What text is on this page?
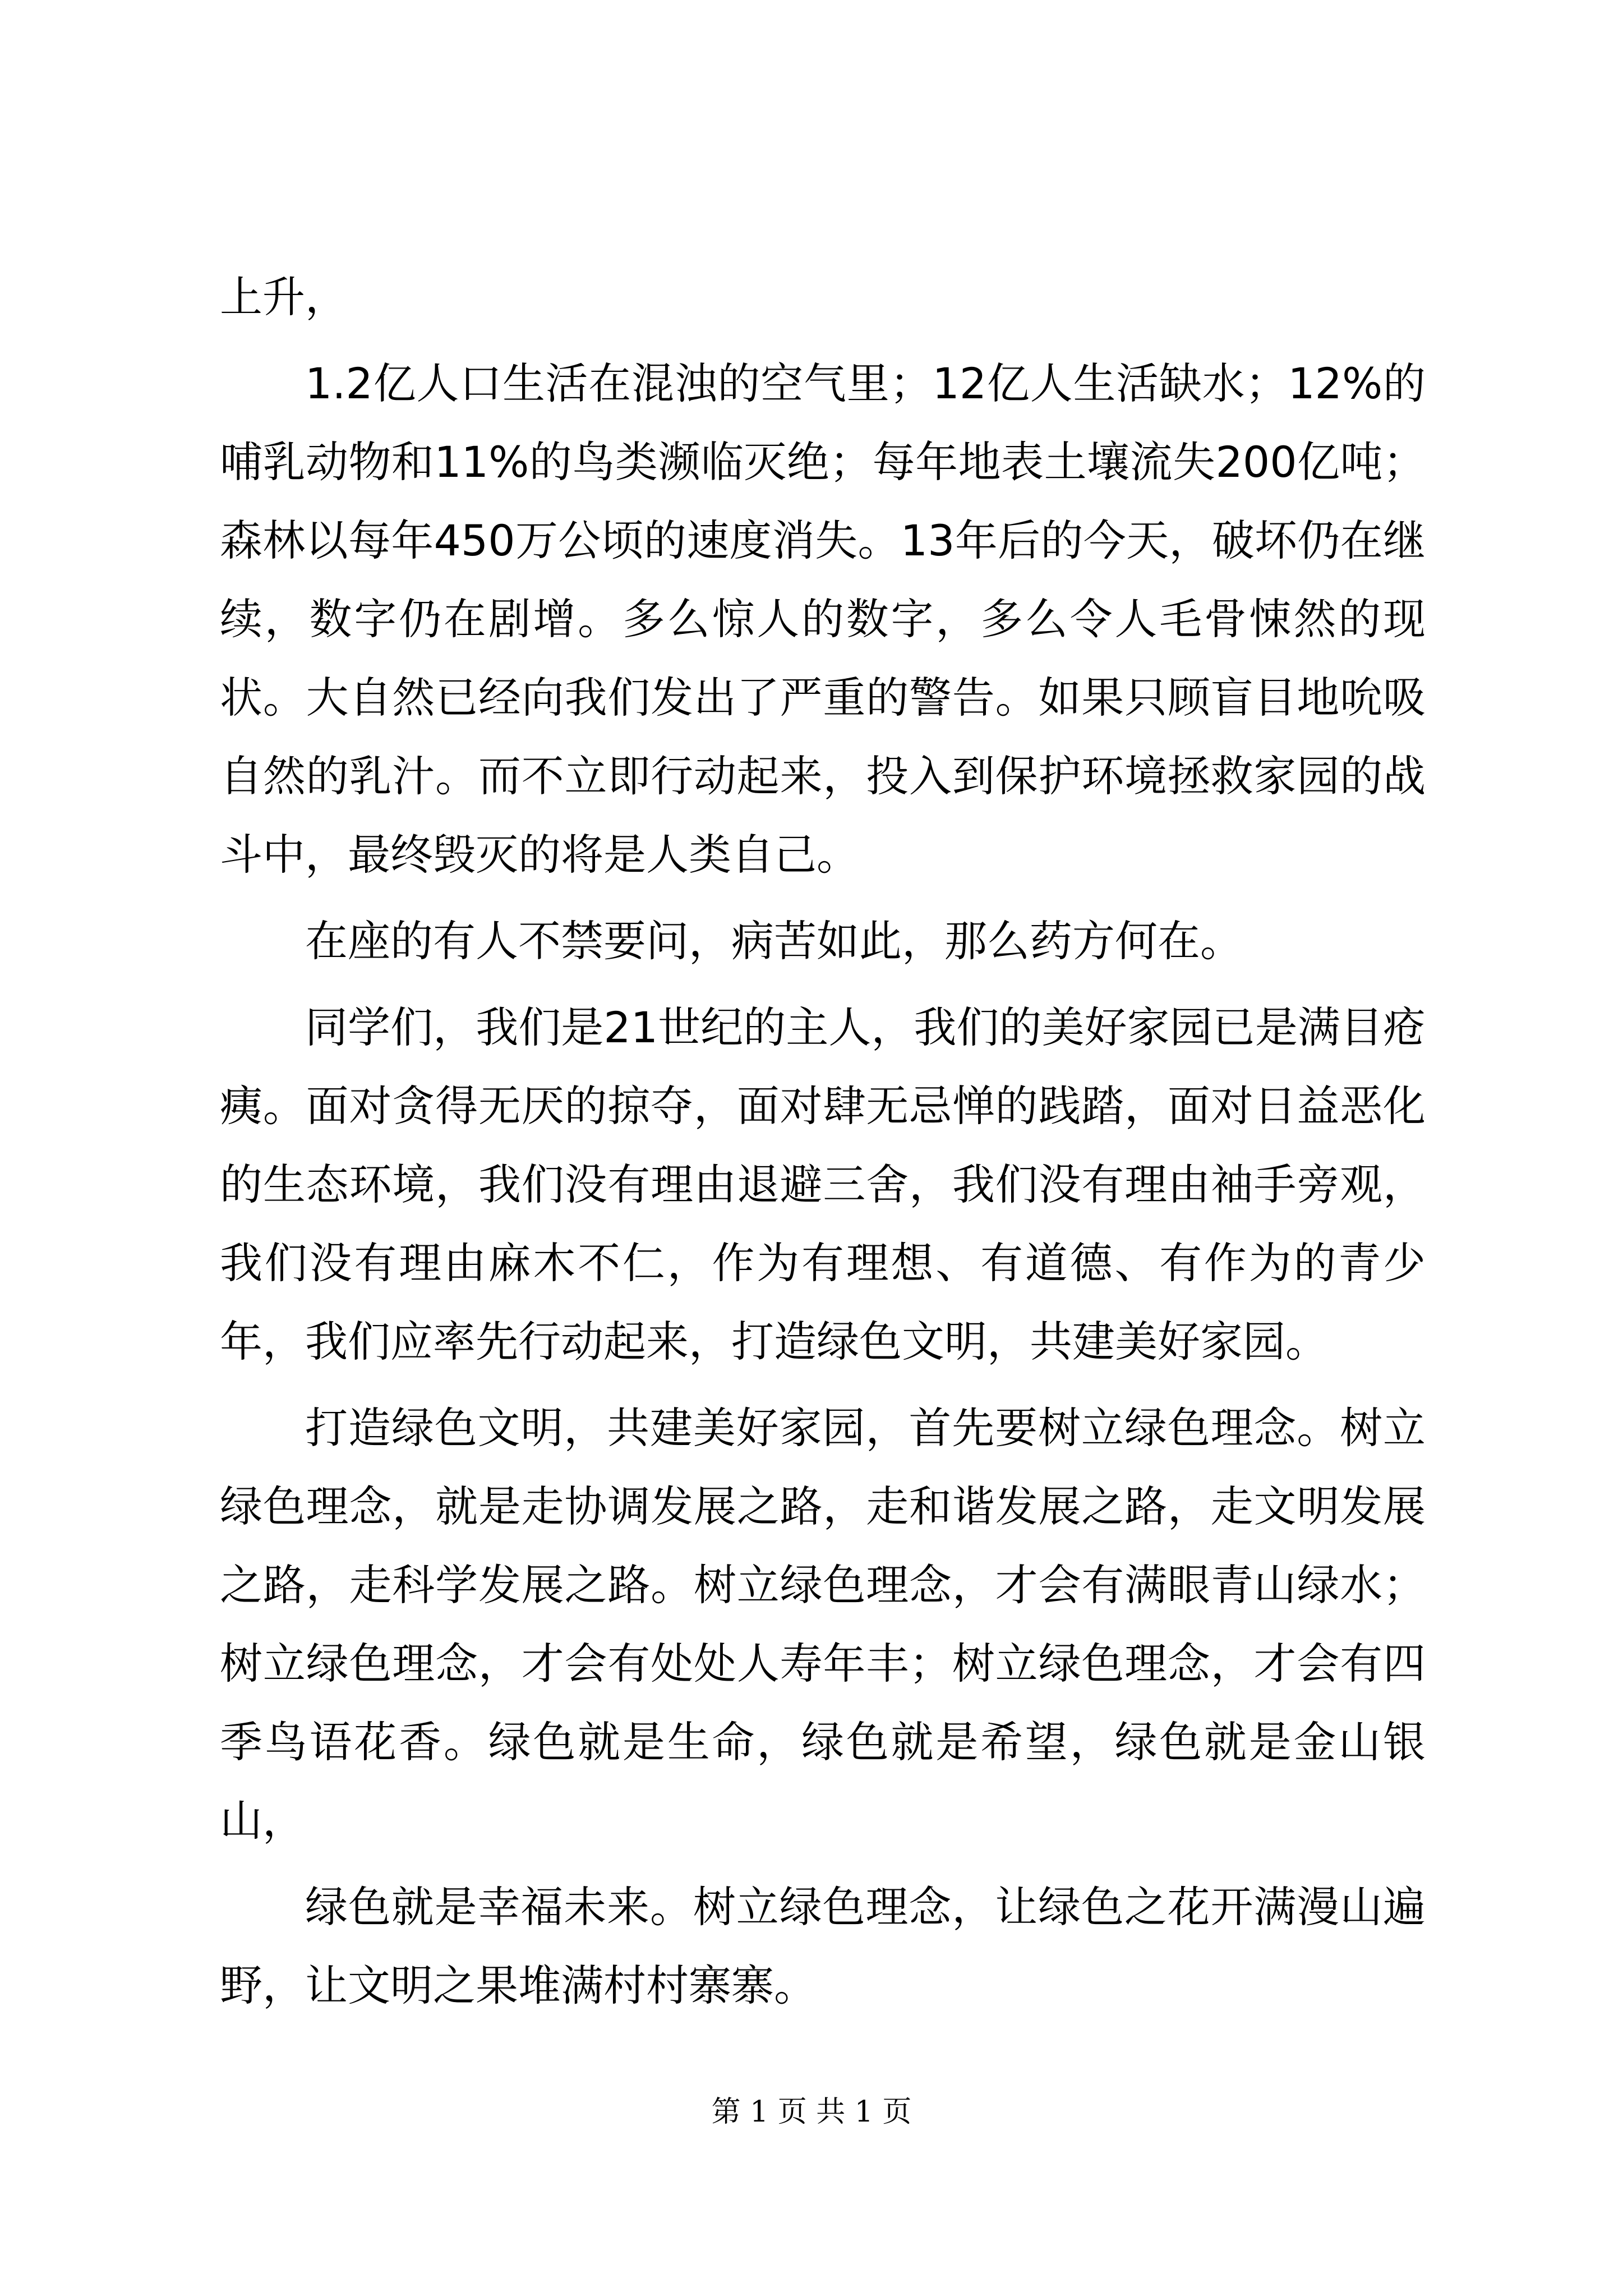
上升，

1.2亿人口生活在混浊的空气里；12亿人生活缺水；12%的哺乳动物和11%的鸟类濒临灭绝；每年地表土壤流失200亿吨；森林以每年450万公顷的速度消失。13年后的今天，破坏仍在继续，数字仍在剧增。多么惊人的数字，多么令人毛骨悚然的现状。大自然已经向我们发出了严重的警告。如果只顾盲目地吮吸自然的乳汁。而不立即行动起来，投入到保护环境拯救家园的战斗中，最终毁灭的将是人类自己。

在座的有人不禁要问，病苦如此，那么药方何在。

同学们，我们是21世纪的主人，我们的美好家园已是满目疮痍。面对贪得无厌的掠夺，面对肆无忌惮的践踏，面对日益恶化的生态环境，我们没有理由退避三舍，我们没有理由袖手旁观，我们没有理由麻木不仁，作为有理想、有道德、有作为的青少年，我们应率先行动起来，打造绿色文明，共建美好家园。

打造绿色文明，共建美好家园，首先要树立绿色理念。树立绿色理念，就是走协调发展之路，走和谐发展之路，走文明发展之路，走科学发展之路。树立绿色理念，才会有满眼青山绿水；树立绿色理念，才会有处处人寿年丰；树立绿色理念，才会有四季鸟语花香。绿色就是生命，绿色就是希望，绿色就是金山银山，

绿色就是幸福未来。树立绿色理念，让绿色之花开满漫山遍野，让文明之果堆满村村寨寨。

第 1 页 共 1 页
